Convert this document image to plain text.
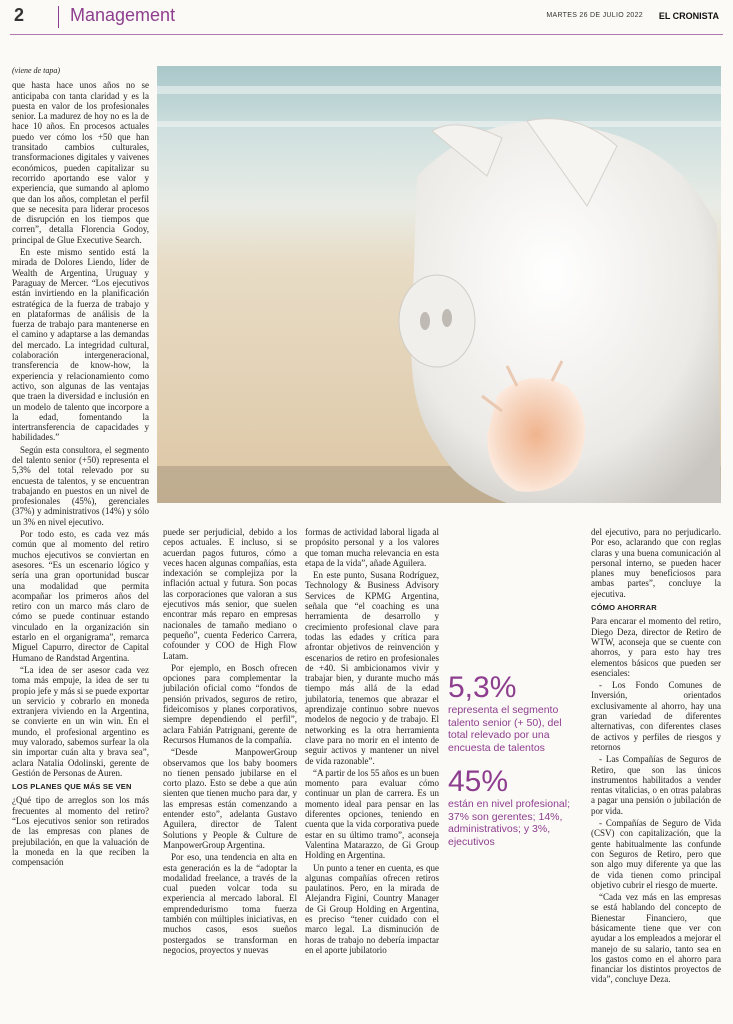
2	Management	MARTES 26 DE JULIO 2022 EL CRONISTA
(viene de tapa)

que hasta hace unos años no se anticipaba con tanta claridad y es la puesta en valor de los profesionales senior. La madurez de hoy no es la de hace 10 años. En procesos actuales puedo ver cómo los +50 que han transitado cambios culturales, transformaciones digitales y vaivenes económicos, pueden capitalizar su recorrido aportando ese valor y experiencia, que sumando al aplomo que dan los años, completan el perfil que se necesita para liderar procesos de disrupción en los tiempos que corren”, detalla Florencia Godoy, principal de Glue Executive Search.

En este mismo sentido está la mirada de Dolores Liendo, líder de Wealth de Argentina, Uruguay y Paraguay de Mercer. “Los ejecutivos están invirtiendo en la planificación estratégica de la fuerza de trabajo y en plataformas de análisis de la fuerza de trabajo para mantenerse en el camino y adaptarse a las demandas del mercado. La integridad cultural, colaboración intergeneracional, transferencia de know-how, la experiencia y relacionamiento como activo, son algunas de las ventajas que traen la diversidad e inclusión en un modelo de talento que incorpore a la edad, fomentando la intertransferencia de capacidades y habilidades.”

Según esta consultora, el segmento del talento senior (+50) representa el 5,3% del total relevado por su encuesta de talentos, y se encuentran trabajando en puestos en un nivel de profesionales (45%), gerenciales (37%) y administrativos (14%) y sólo un 3% en nivel ejecutivo.

Por todo esto, es cada vez más común que al momento del retiro muchos ejecutivos se conviertan en asesores. “Es un escenario lógico y sería una gran oportunidad buscar una modalidad que permita acompañar los primeros años del retiro con un marco más claro de cómo se puede continuar estando vinculado en la organización sin estarlo en el organigrama”, remarca Miguel Capurro, director de Capital Humano de Randstad Argentina.

“La idea de ser asesor cada vez toma más empuje, la idea de ser tu propio jefe y más si se puede exportar un servicio y cobrarlo en moneda extranjera viviendo en la Argentina, se convierte en un win win. En el mundo, el profesional argentino es muy valorado, sabemos surfear la ola sin importar cuán alta y brava sea”, aclara Natalia Odolinski, gerente de Gestión de Personas de Auren.

LOS PLANES QUE MÁS SE VEN

¿Qué tipo de arreglos son los más frecuentes al momento del retiro? “Los ejecutivos senior son retirados de las empresas con planes de prejubilación, en que la valuación de la moneda en la que reciben la compensación

puede ser perjudicial, debido a los cepos actuales. E incluso, si se acuerdan pagos futuros, cómo a veces hacen algunas compañías, esta indexación se complejiza por la inflación actual y futura. Son pocas las corporaciones que valoran a sus ejecutivos más senior, que suelen encontrar más reparo en empresas nacionales de tamaño mediano o pequeño”, cuenta Federico Carrera, cofounder y COO de High Flow Latam.

Por ejemplo, en Bosch ofrecen opciones para complementar la jubilación oficial como “fondos de pensión privados, seguros de retiro, fideicomisos y planes corporativos, siempre dependiendo el perfil”, aclara Fabián Patrignani, gerente de Recursos Humanos de la compañía.

“Desde ManpowerGroup observamos que los baby boomers no tienen pensado jubilarse en el corto plazo. Esto se debe a que aún sienten que tienen mucho para dar, y las empresas están comenzando a entender esto”, adelanta Gustavo Aguilera, director de Talent Solutions y People & Culture de ManpowerGroup Argentina.

Por eso, una tendencia en alta en esta generación es la de “adoptar la modalidad freelance, a través de la cual pueden volcar toda su experiencia al mercado laboral. El emprendedurismo toma fuerza también con múltiples iniciativas, en muchos casos, esos sueños postergados se transforman en negocios, proyectos y nuevas

formas de actividad laboral ligada al propósito personal y a los valores que toman mucha relevancia en esta etapa de la vida”, añade Aguilera.

En este punto, Susana Rodríguez, Technology & Business Advisory Services de KPMG Argentina, señala que “el coaching es una herramienta de desarrollo y crecimiento profesional clave para todas las edades y crítica para afrontar objetivos de reinvención y escenarios de retiro en profesionales de +40. Si ambicionamos vivir y trabajar bien, y durante mucho más tiempo más allá de la edad jubilatoria, tenemos que abrazar el aprendizaje continuo sobre nuevos modelos de negocio y de trabajo. El networking es la otra herramienta clave para no morir en el intento de seguir activos y mantener un nivel de vida razonable”.

“A partir de los 55 años es un buen momento para evaluar cómo continuar un plan de carrera. Es un momento ideal para pensar en las diferentes opciones, teniendo en cuenta que la vida corporativa puede estar en su último tramo”, aconseja Valentina Matarazzo, de Gi Group Holding en Argentina.

Un punto a tener en cuenta, es que algunas compañías ofrecen retiros paulatinos. Pero, en la mirada de Alejandra Figini, Country Manager de Gi Group Holding en Argentina, es preciso “tener cuidado con el marco legal. La disminución de horas de trabajo no debería impactar en el aporte jubilatorio

5,3%
representa el segmento talento senior (+ 50), del total relevado por una encuesta de talentos
45%
están en nivel profesional; 37% son gerentes; 14%, administrativos; y 3%, ejecutivos

del ejecutivo, para no perjudicarlo. Por eso, aclarando que con reglas claras y una buena comunicación al personal interno, se pueden hacer planes muy beneficiosos para ambas partes”, concluye la ejecutiva.

CÓMO AHORRAR

Para encarar el momento del retiro, Diego Deza, director de Retiro de WTW, aconseja que se cuente con ahorros, y para esto hay tres elementos básicos que pueden ser esenciales:

- Los Fondo Comunes de Inversión, orientados exclusivamente al ahorro, hay una gran variedad de diferentes alternativas, con diferentes clases de activos y perfiles de riesgos y retornos

- Las Compañías de Seguros de Retiro, que son las únicos instrumentos habilitados a vender rentas vitalicias, o en otras palabras a pagar una pensión o jubilación de por vida.

- Compañías de Seguro de Vida (CSV) con capitalización, que la gente habitualmente las confunde con Seguros de Retiro, pero que son algo muy diferente ya que las de vida tienen como principal objetivo cubrir el riesgo de muerte.

“Cada vez más en las empresas se está hablando del concepto de Bienestar Financiero, que básicamente tiene que ver con ayudar a los empleados a mejorar el manejo de su salario, tanto sea en los gastos como en el ahorro para financiar los distintos proyectos de vida”, concluye Deza.
